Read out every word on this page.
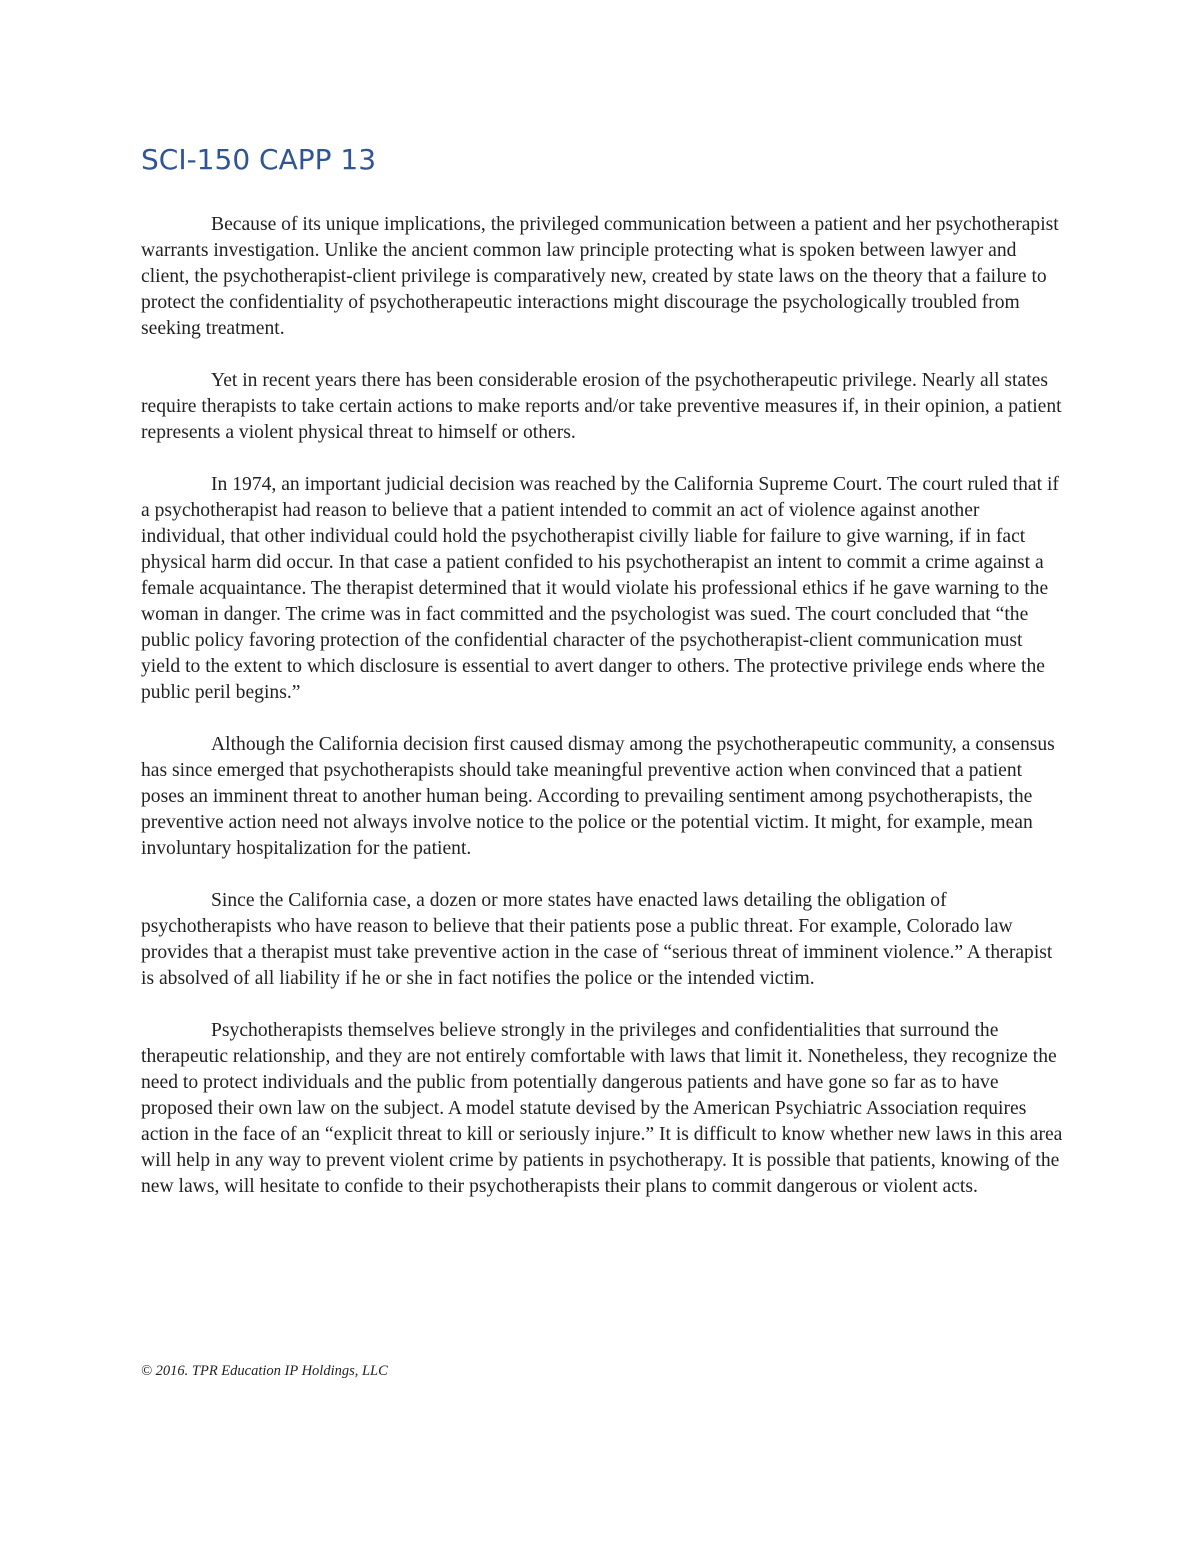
SCI-150 CAPP 13

Because of its unique implications, the privileged communication between a patient and her psychotherapist warrants investigation. Unlike the ancient common law principle protecting what is spoken between lawyer and client, the psychotherapist-client privilege is comparatively new, created by state laws on the theory that a failure to protect the confidentiality of psychotherapeutic interactions might discourage the psychologically troubled from seeking treatment.

Yet in recent years there has been considerable erosion of the psychotherapeutic privilege. Nearly all states require therapists to take certain actions to make reports and/or take preventive measures if, in their opinion, a patient represents a violent physical threat to himself or others.

In 1974, an important judicial decision was reached by the California Supreme Court. The court ruled that if a psychotherapist had reason to believe that a patient intended to commit an act of violence against another individual, that other individual could hold the psychotherapist civilly liable for failure to give warning, if in fact physical harm did occur. In that case a patient confided to his psychotherapist an intent to commit a crime against a female acquaintance. The therapist determined that it would violate his professional ethics if he gave warning to the woman in danger. The crime was in fact committed and the psychologist was sued. The court concluded that “the public policy favoring protection of the confidential character of the psychotherapist-client communication must yield to the extent to which disclosure is essential to avert danger to others. The protective privilege ends where the public peril begins.”

Although the California decision first caused dismay among the psychotherapeutic community, a consensus has since emerged that psychotherapists should take meaningful preventive action when convinced that a patient poses an imminent threat to another human being. According to prevailing sentiment among psychotherapists, the preventive action need not always involve notice to the police or the potential victim. It might, for example, mean involuntary hospitalization for the patient.

Since the California case, a dozen or more states have enacted laws detailing the obligation of psychotherapists who have reason to believe that their patients pose a public threat. For example, Colorado law provides that a therapist must take preventive action in the case of “serious threat of imminent violence.” A therapist is absolved of all liability if he or she in fact notifies the police or the intended victim.

Psychotherapists themselves believe strongly in the privileges and confidentialities that surround the therapeutic relationship, and they are not entirely comfortable with laws that limit it. Nonetheless, they recognize the need to protect individuals and the public from potentially dangerous patients and have gone so far as to have proposed their own law on the subject. A model statute devised by the American Psychiatric Association requires action in the face of an “explicit threat to kill or seriously injure.” It is difficult to know whether new laws in this area will help in any way to prevent violent crime by patients in psychotherapy. It is possible that patients, knowing of the new laws, will hesitate to confide to their psychotherapists their plans to commit dangerous or violent acts.

© 2016. TPR Education IP Holdings, LLC
